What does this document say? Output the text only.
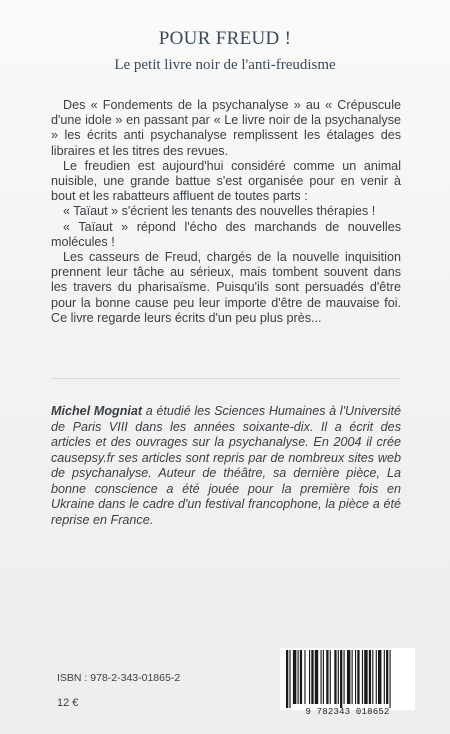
POUR FREUD !
Le petit livre noir de l'anti-freudisme

Des « Fondements de la psychanalyse » au « Crépuscule d'une idole » en passant par « Le livre noir de la psychanalyse » les écrits anti psychanalyse remplissent les étalages des libraires et les titres des revues.

Le freudien est aujourd'hui considéré comme un animal nuisible, une grande battue s'est organisée pour en venir à bout et les rabatteurs affluent de toutes parts :

« Taïaut » s'écrient les tenants des nouvelles thérapies !

« Taïaut » répond l'écho des marchands de nouvelles molécules !

Les casseurs de Freud, chargés de la nouvelle inquisition prennent leur tâche au sérieux, mais tombent souvent dans les travers du pharisaïsme. Puisqu'ils sont persuadés d'être pour la bonne cause peu leur importe d'être de mauvaise foi. Ce livre regarde leurs écrits d'un peu plus près...

Michel Mogniat a étudié les Sciences Humaines à l'Université de Paris VIII dans les années soixante-dix. Il a écrit des articles et des ouvrages sur la psychanalyse. En 2004 il crée causepsy.fr ses articles sont repris par de nombreux sites web de psychanalyse. Auteur de théâtre, sa dernière pièce, La bonne conscience a été jouée pour la première fois en Ukraine dans le cadre d'un festival francophone, la pièce a été reprise en France.
ISBN : 978-2-343-01865-2
12 €
9 782343 018652
